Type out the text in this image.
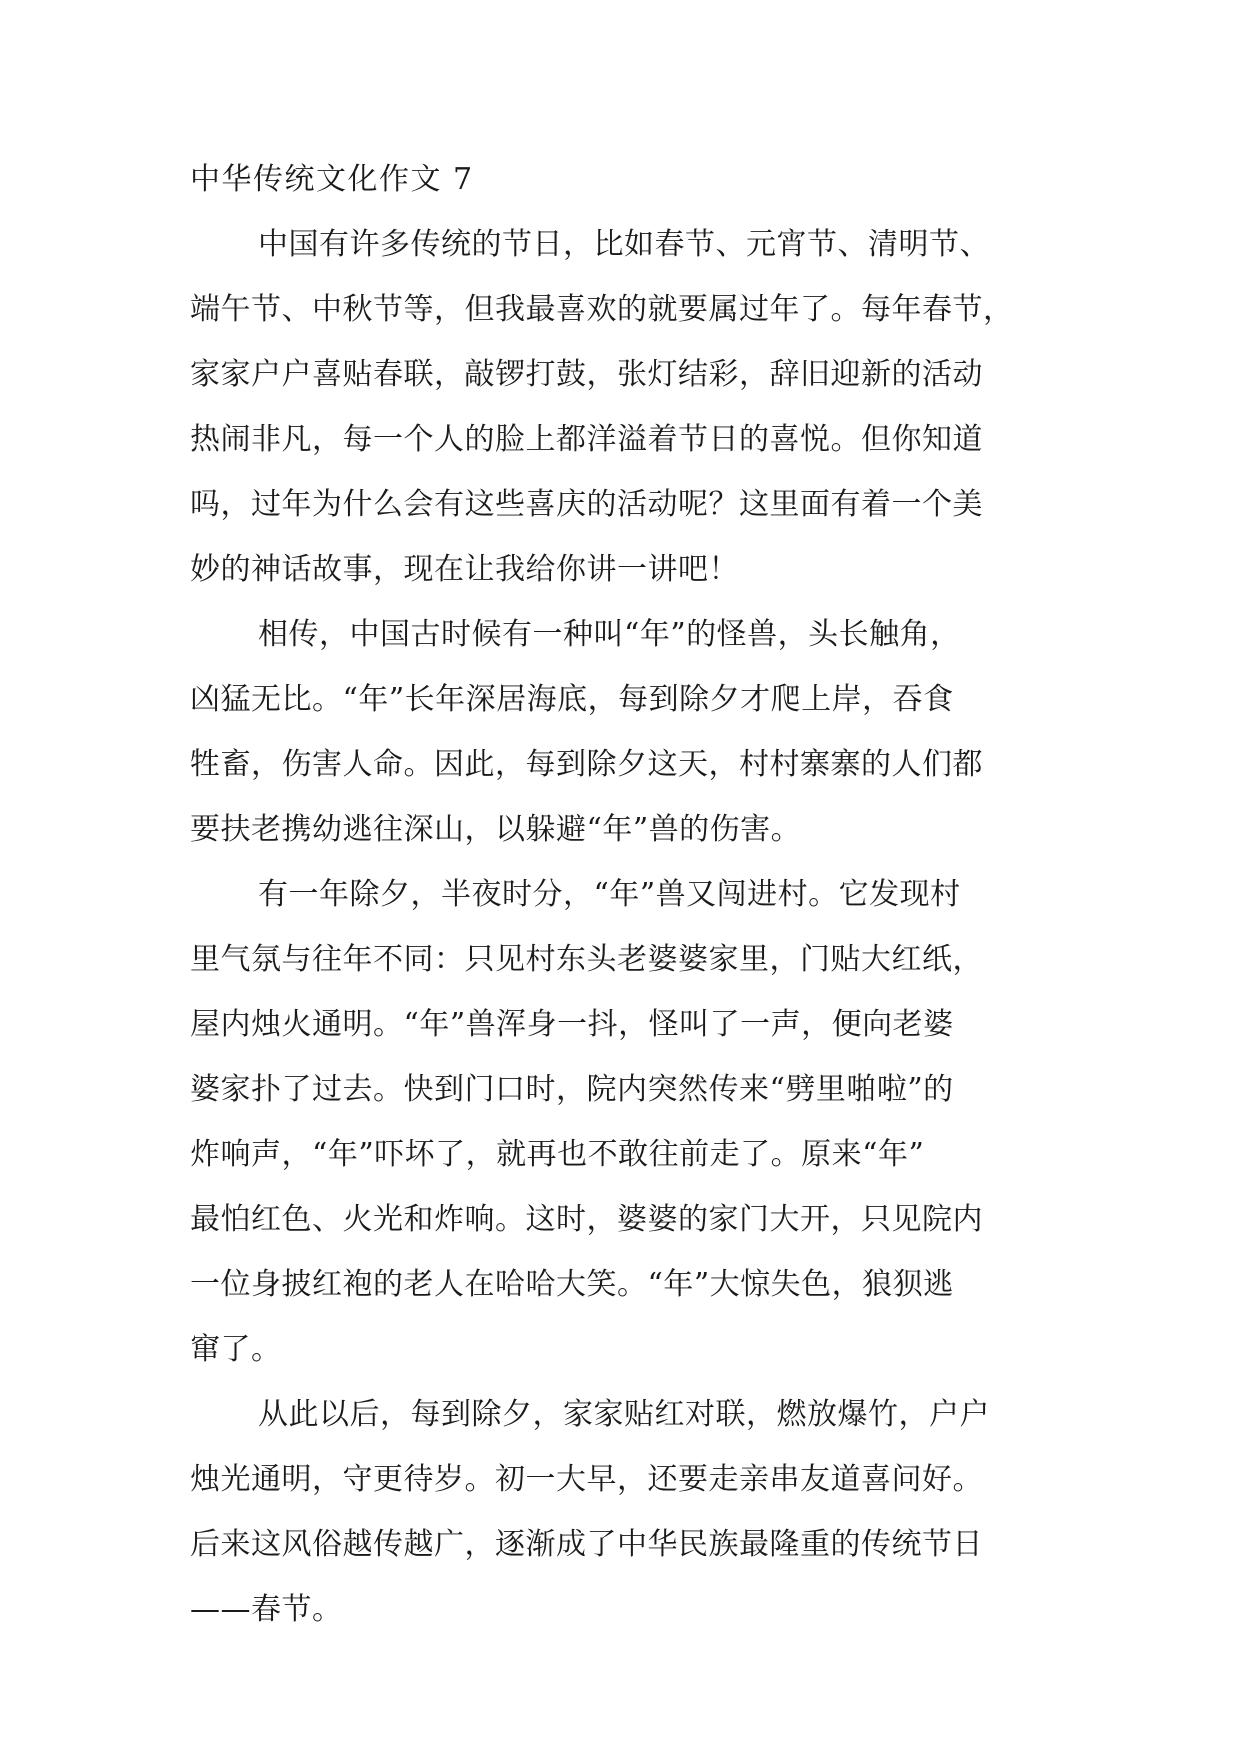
中华传统文化作文 7
中国有许多传统的节日，比如春节、元宵节、清明节、
端午节、中秋节等，但我最喜欢的就要属过年了。每年春节，
家家户户喜贴春联，敲锣打鼓，张灯结彩，辞旧迎新的活动
热闹非凡，每一个人的脸上都洋溢着节日的喜悦。但你知道
吗，过年为什么会有这些喜庆的活动呢？这里面有着一个美
妙的神话故事，现在让我给你讲一讲吧！
相传，中国古时候有一种叫“年”的怪兽，头长触角，
凶猛无比。“年”长年深居海底，每到除夕才爬上岸，吞食
牲畜，伤害人命。因此，每到除夕这天，村村寨寨的人们都
要扶老携幼逃往深山，以躲避“年”兽的伤害。
有一年除夕，半夜时分，“年”兽又闯进村。它发现村
里气氛与往年不同：只见村东头老婆婆家里，门贴大红纸，
屋内烛火通明。“年”兽浑身一抖，怪叫了一声，便向老婆
婆家扑了过去。快到门口时，院内突然传来“劈里啪啦”的
炸响声，“年”吓坏了，就再也不敢往前走了。原来“年”
最怕红色、火光和炸响。这时，婆婆的家门大开，只见院内
一位身披红袍的老人在哈哈大笑。“年”大惊失色，狼狈逃
窜了。
从此以后，每到除夕，家家贴红对联，燃放爆竹，户户
烛光通明，守更待岁。初一大早，还要走亲串友道喜问好。
后来这风俗越传越广，逐渐成了中华民族最隆重的传统节日
——春节。
